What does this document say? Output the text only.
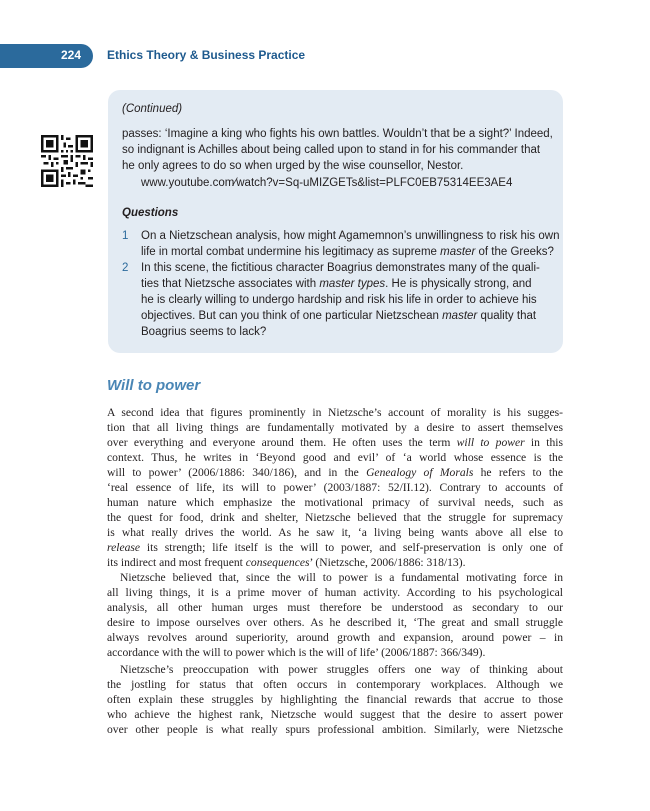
224 Ethics Theory & Business Practice
(Continued)
passes: ‘Imagine a king who fights his own battles. Wouldn’t that be a sight?’ Indeed,
so indignant is Achilles about being called upon to stand in for his commander that
he only agrees to do so when urged by the wise counsellor, Nestor.
www.youtube.com⁄watch?v=Sq-uMIZGETs&list=PLFC0EB75314EE3AE4
Questions
1 On a Nietzschean analysis, how might Agamemnon’s unwillingness to risk his own
life in mortal combat undermine his legitimacy as supreme master of the Greeks?
2 In this scene, the fictitious character Boagrius demonstrates many of the quali-
ties that Nietzsche associates with master types. He is physically strong, and
he is clearly willing to undergo hardship and risk his life in order to achieve his
objectives. But can you think of one particular Nietzschean master quality that
Boagrius seems to lack?
Will to power
A second idea that figures prominently in Nietzsche’s account of morality is his sugges-
tion that all living things are fundamentally motivated by a desire to assert themselves
over everything and everyone around them. He often uses the term will to power in this
context. Thus, he writes in ‘Beyond good and evil’ of ‘a world whose essence is the
will to power’ (2006/1886: 340/186), and in the Genealogy of Morals he refers to the
‘real essence of life, its will to power’ (2003/1887: 52/II.12). Contrary to accounts of
human nature which emphasize the motivational primacy of survival needs, such as
the quest for food, drink and shelter, Nietzsche believed that the struggle for supremacy
is what really drives the world. As he saw it, ‘a living being wants above all else to
release its strength; life itself is the will to power, and self-preservation is only one of
its indirect and most frequent consequences’ (Nietzsche, 2006/1886: 318/13).
Nietzsche believed that, since the will to power is a fundamental motivating force in
all living things, it is a prime mover of human activity. According to his psychological
analysis, all other human urges must therefore be understood as secondary to our
desire to impose ourselves over others. As he described it, ‘The great and small struggle
always revolves around superiority, around growth and expansion, around power – in
accordance with the will to power which is the will of life’ (2006/1887: 366/349).
Nietzsche’s preoccupation with power struggles offers one way of thinking about
the jostling for status that often occurs in contemporary workplaces. Although we
often explain these struggles by highlighting the financial rewards that accrue to those
who achieve the highest rank, Nietzsche would suggest that the desire to assert power
over other people is what really spurs professional ambition. Similarly, were Nietzsche
